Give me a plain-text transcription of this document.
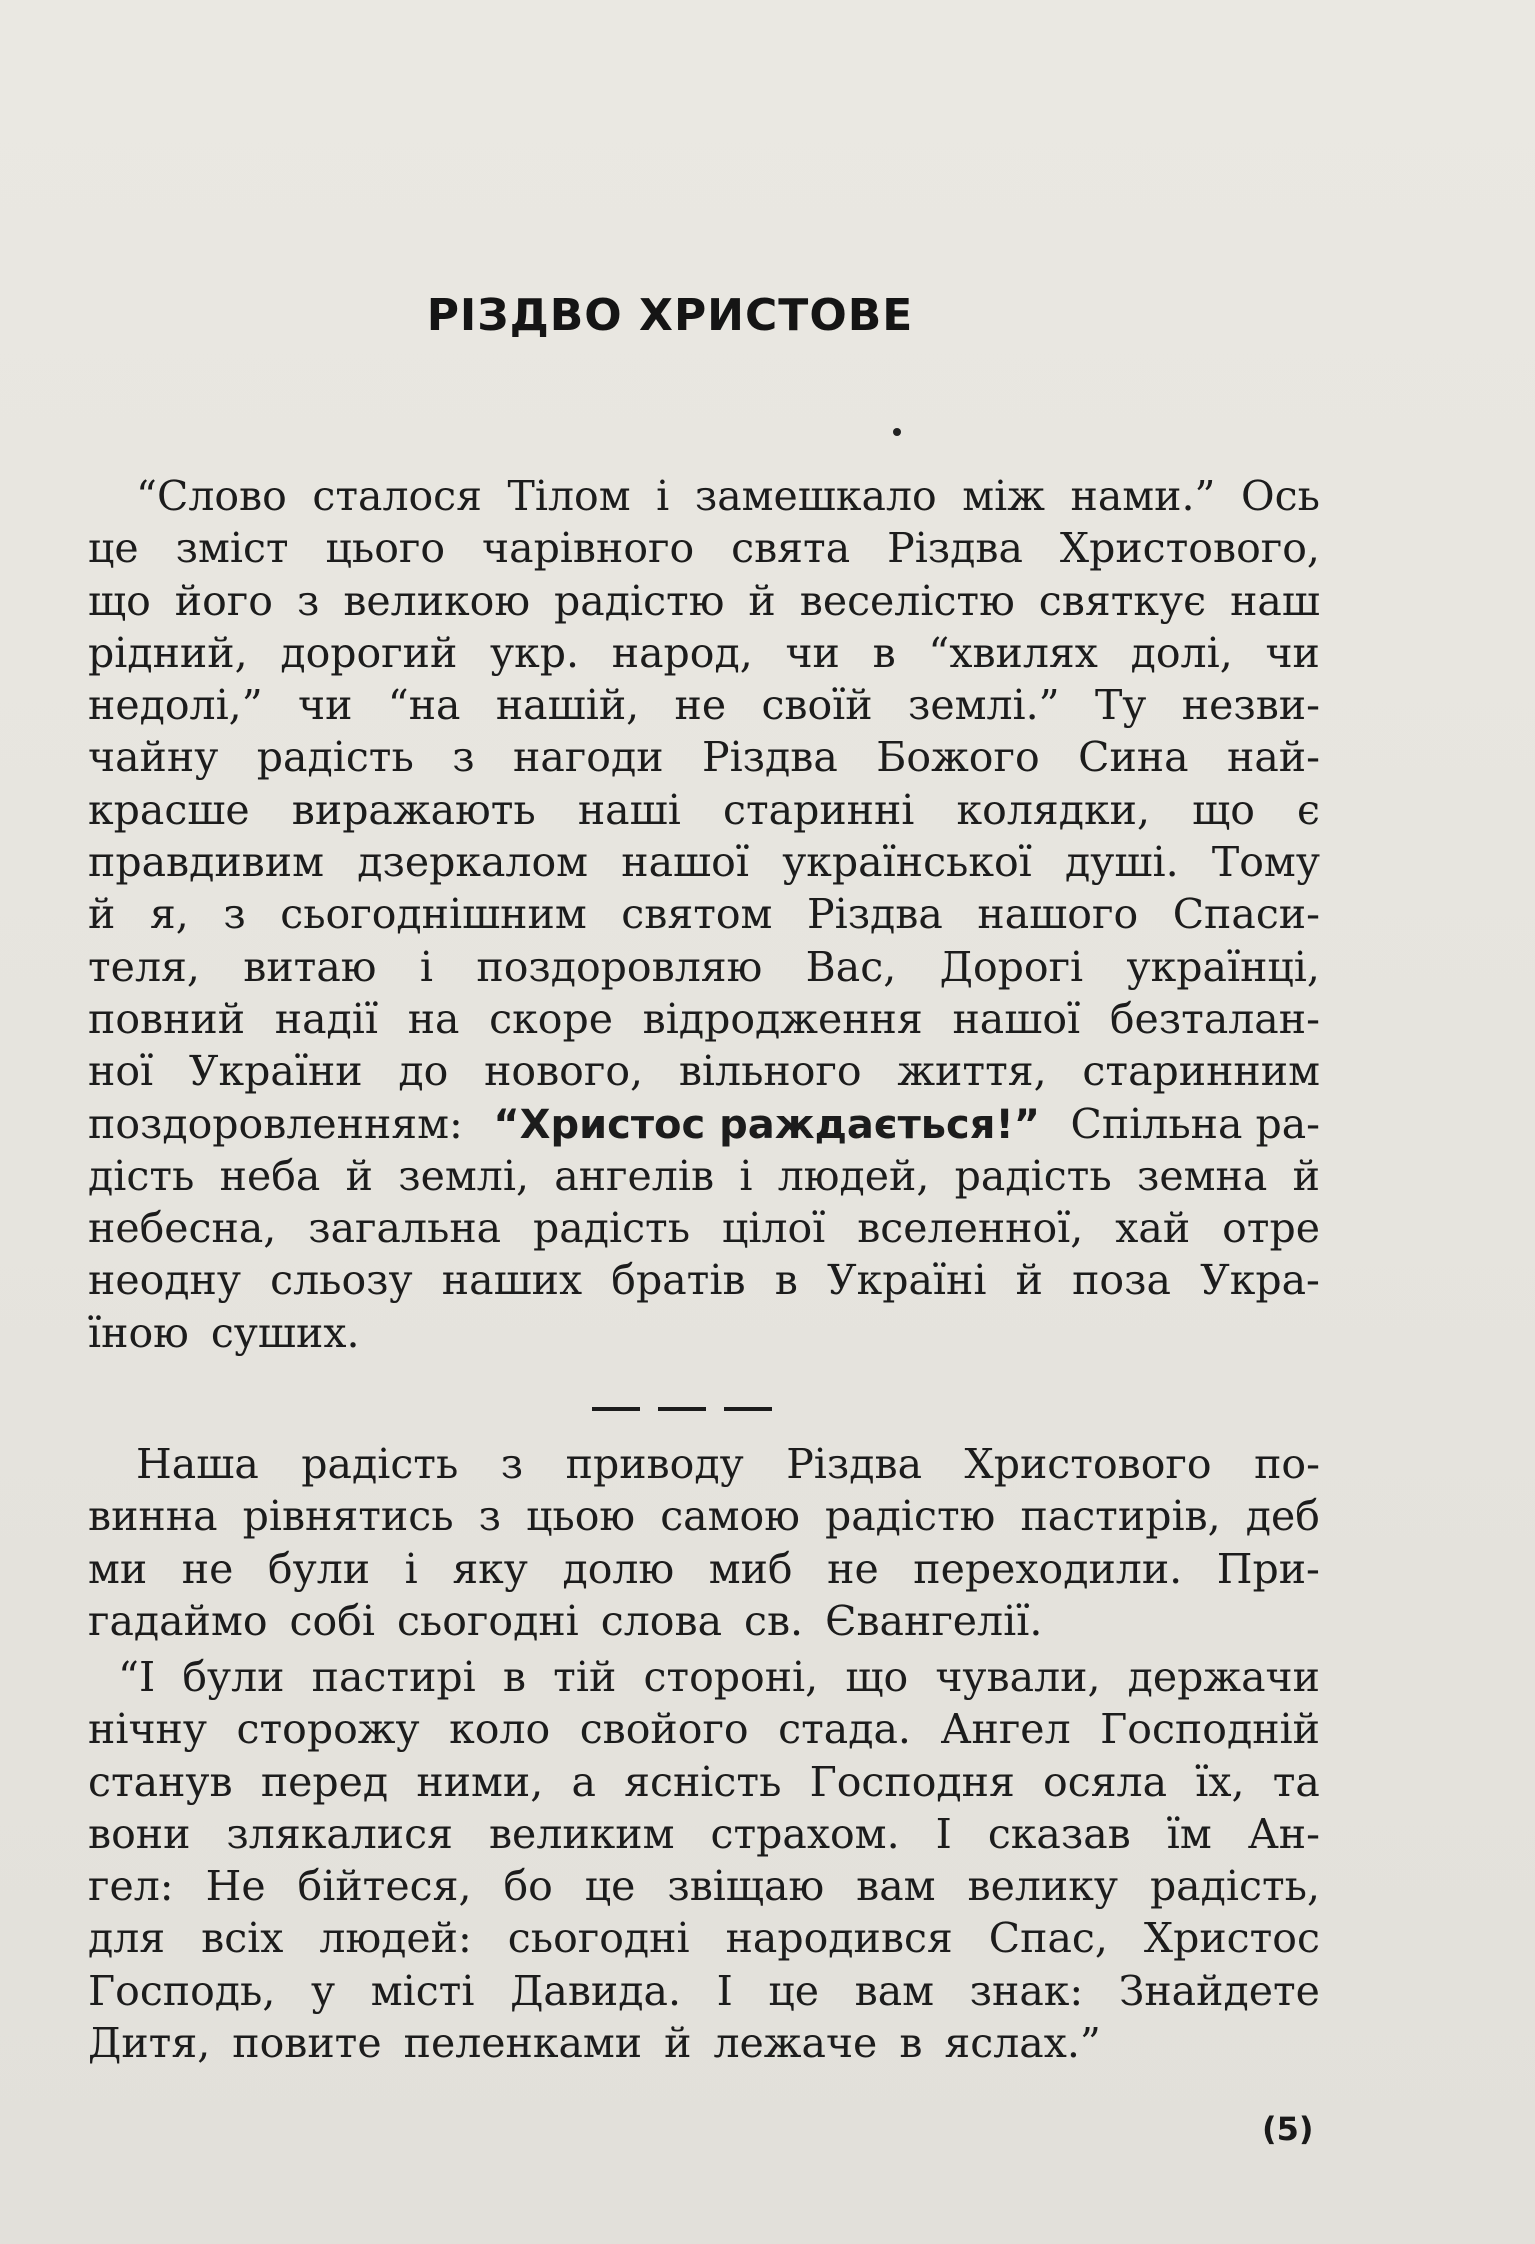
РІЗДВО ХРИСТОВЕ
“Слово сталося Тілом і замешкало між нами.” Ось
це зміст цього чарівного свята Різдва Христового,
що його з великою радістю й веселістю святкує наш
рідний, дорогий укр. народ, чи в “хвилях долі, чи
недолі,” чи “на нашій, не своїй землі.” Ту незви-
чайну радість з нагоди Різдва Божого Сина най-
красше виражають наші старинні колядки, що є
правдивим дзеркалом нашої української душі. Тому
й я, з сьогоднішним святом Різдва нашого Спаси-
теля, витаю і поздоровляю Вас, Дорогі українці,
повний надії на скоре відродження нашої безталан-
ної України до нового, вільного життя, старинним
поздоровленням: “Христос раждається!” Спільна ра-
дість неба й землі, ангелів і людей, радість земна й
небесна, загальна радість цілої вселенної, хай отре
неодну сльозу наших братів в Україні й поза Укра-
їною суших.
Наша радість з приводу Різдва Христового по-
винна рівнятись з цьою самою радістю пастирів, деб
ми не були і яку долю миб не переходили. При-
гадаймо собі сьогодні слова св. Євангелії.
“І були пастирі в тій стороні, що чували, держачи
нічну сторожу коло свойого стада. Ангел Господній
станув перед ними, а ясність Господня осяла їх, та
вони злякалися великим страхом. І сказав їм Ан-
гел: Не бійтеся, бо це звіщаю вам велику радість,
для всіх людей: сьогодні народився Спас, Христос
Господь, у місті Давида. І це вам знак: Знайдете
Дитя, повите пеленками й лежаче в яслах.”
(5)
